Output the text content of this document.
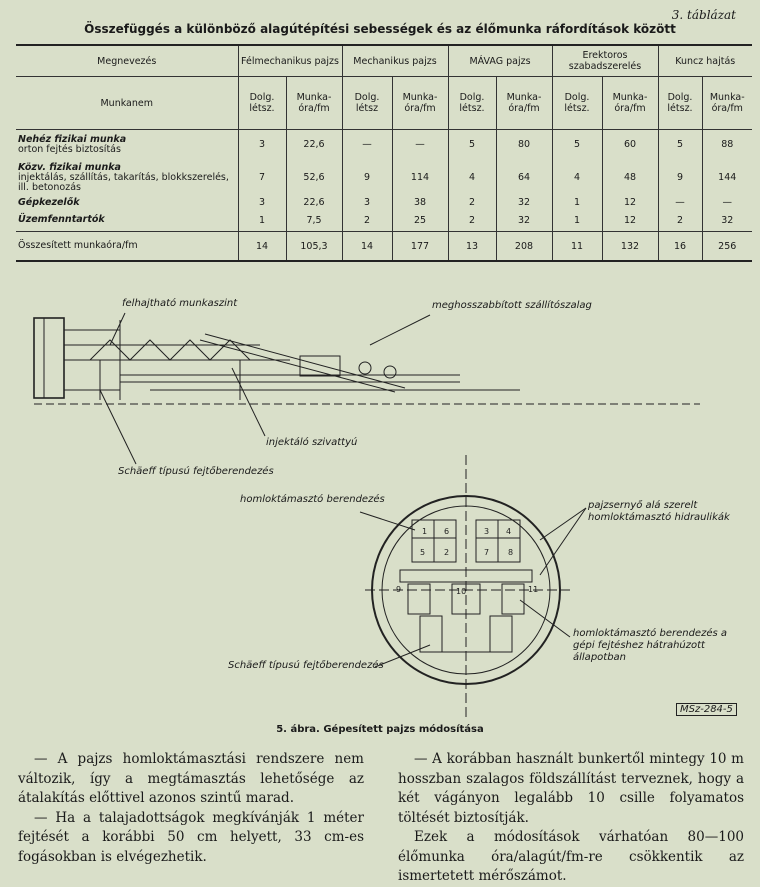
3. táblázat
Összefüggés a különböző alagútépítési sebességek és az élőmunka ráfordítások között
Megnevezés	Félmechanikus pajzs		Mechanikus pajzs		MÁVAG pajzs		Erektoros szabadszerelés		Kuncz hajtás	
Munkanem	Dolg. létsz.	Munka-óra/fm	Dolg. létsz	Munka-óra/fm	Dolg. létsz.	Munka-óra/fm	Dolg. létsz.	Munka-óra/fm	Dolg. létsz.	Munka-óra/fm
Nehéz fizikai munka
orton fejtés biztosítás	3	22,6	—	—	5	80	5	60	5	88
Közv. fizikai munka
injektálás, szállítás, takarítás, blokkszerelés, ill. betonozás	7	52,6	9	114	4	64	4	48	9	144
Gépkezelők	3	22,6	3	38	2	32	1	12	—	—
Üzemfenntartók	1	7,5	2	25	2	32	1	12	2	32
Összesített munkaóra/fm	14	105,3	14	177	13	208	11	132	16	256
5 2
1 6	3 4
7 8
9	10	11
felhajtható munkaszint	meghosszabbított szállítószalag
injektáló szivattyú
Schäeff típusú fejtőberendezés
homloktámasztó berendezés
pajzsernyő alá szerelt homloktámasztó hidraulikák
homloktámasztó berendezés a gépi fejtéshez hátrahúzott állapotban
Schäeff típusú fejtőberendezés
MSz-284-5
5. ábra. Gépesített pajzs módosítása

— A pajzs homloktámasztási rendszere nem változik, így a megtámasztás lehetősége az átalakítás előttivel azonos szintű marad.

— Ha a talajadottságok megkívánják 1 méter fejtését a korábbi 50 cm helyett, 33 cm-es fogásokban is elvégezhetik.

— A korábban használt bunkertől mintegy 10 m hosszban szalagos földszállítást terveznek, hogy a két vágányon legalább 10 csille folyamatos töltését biztosítják.

Ezek a módosítások várhatóan 80—100 élőmunka óra/alagút/fm-re csökkentik az ismertetett mérőszámot.
